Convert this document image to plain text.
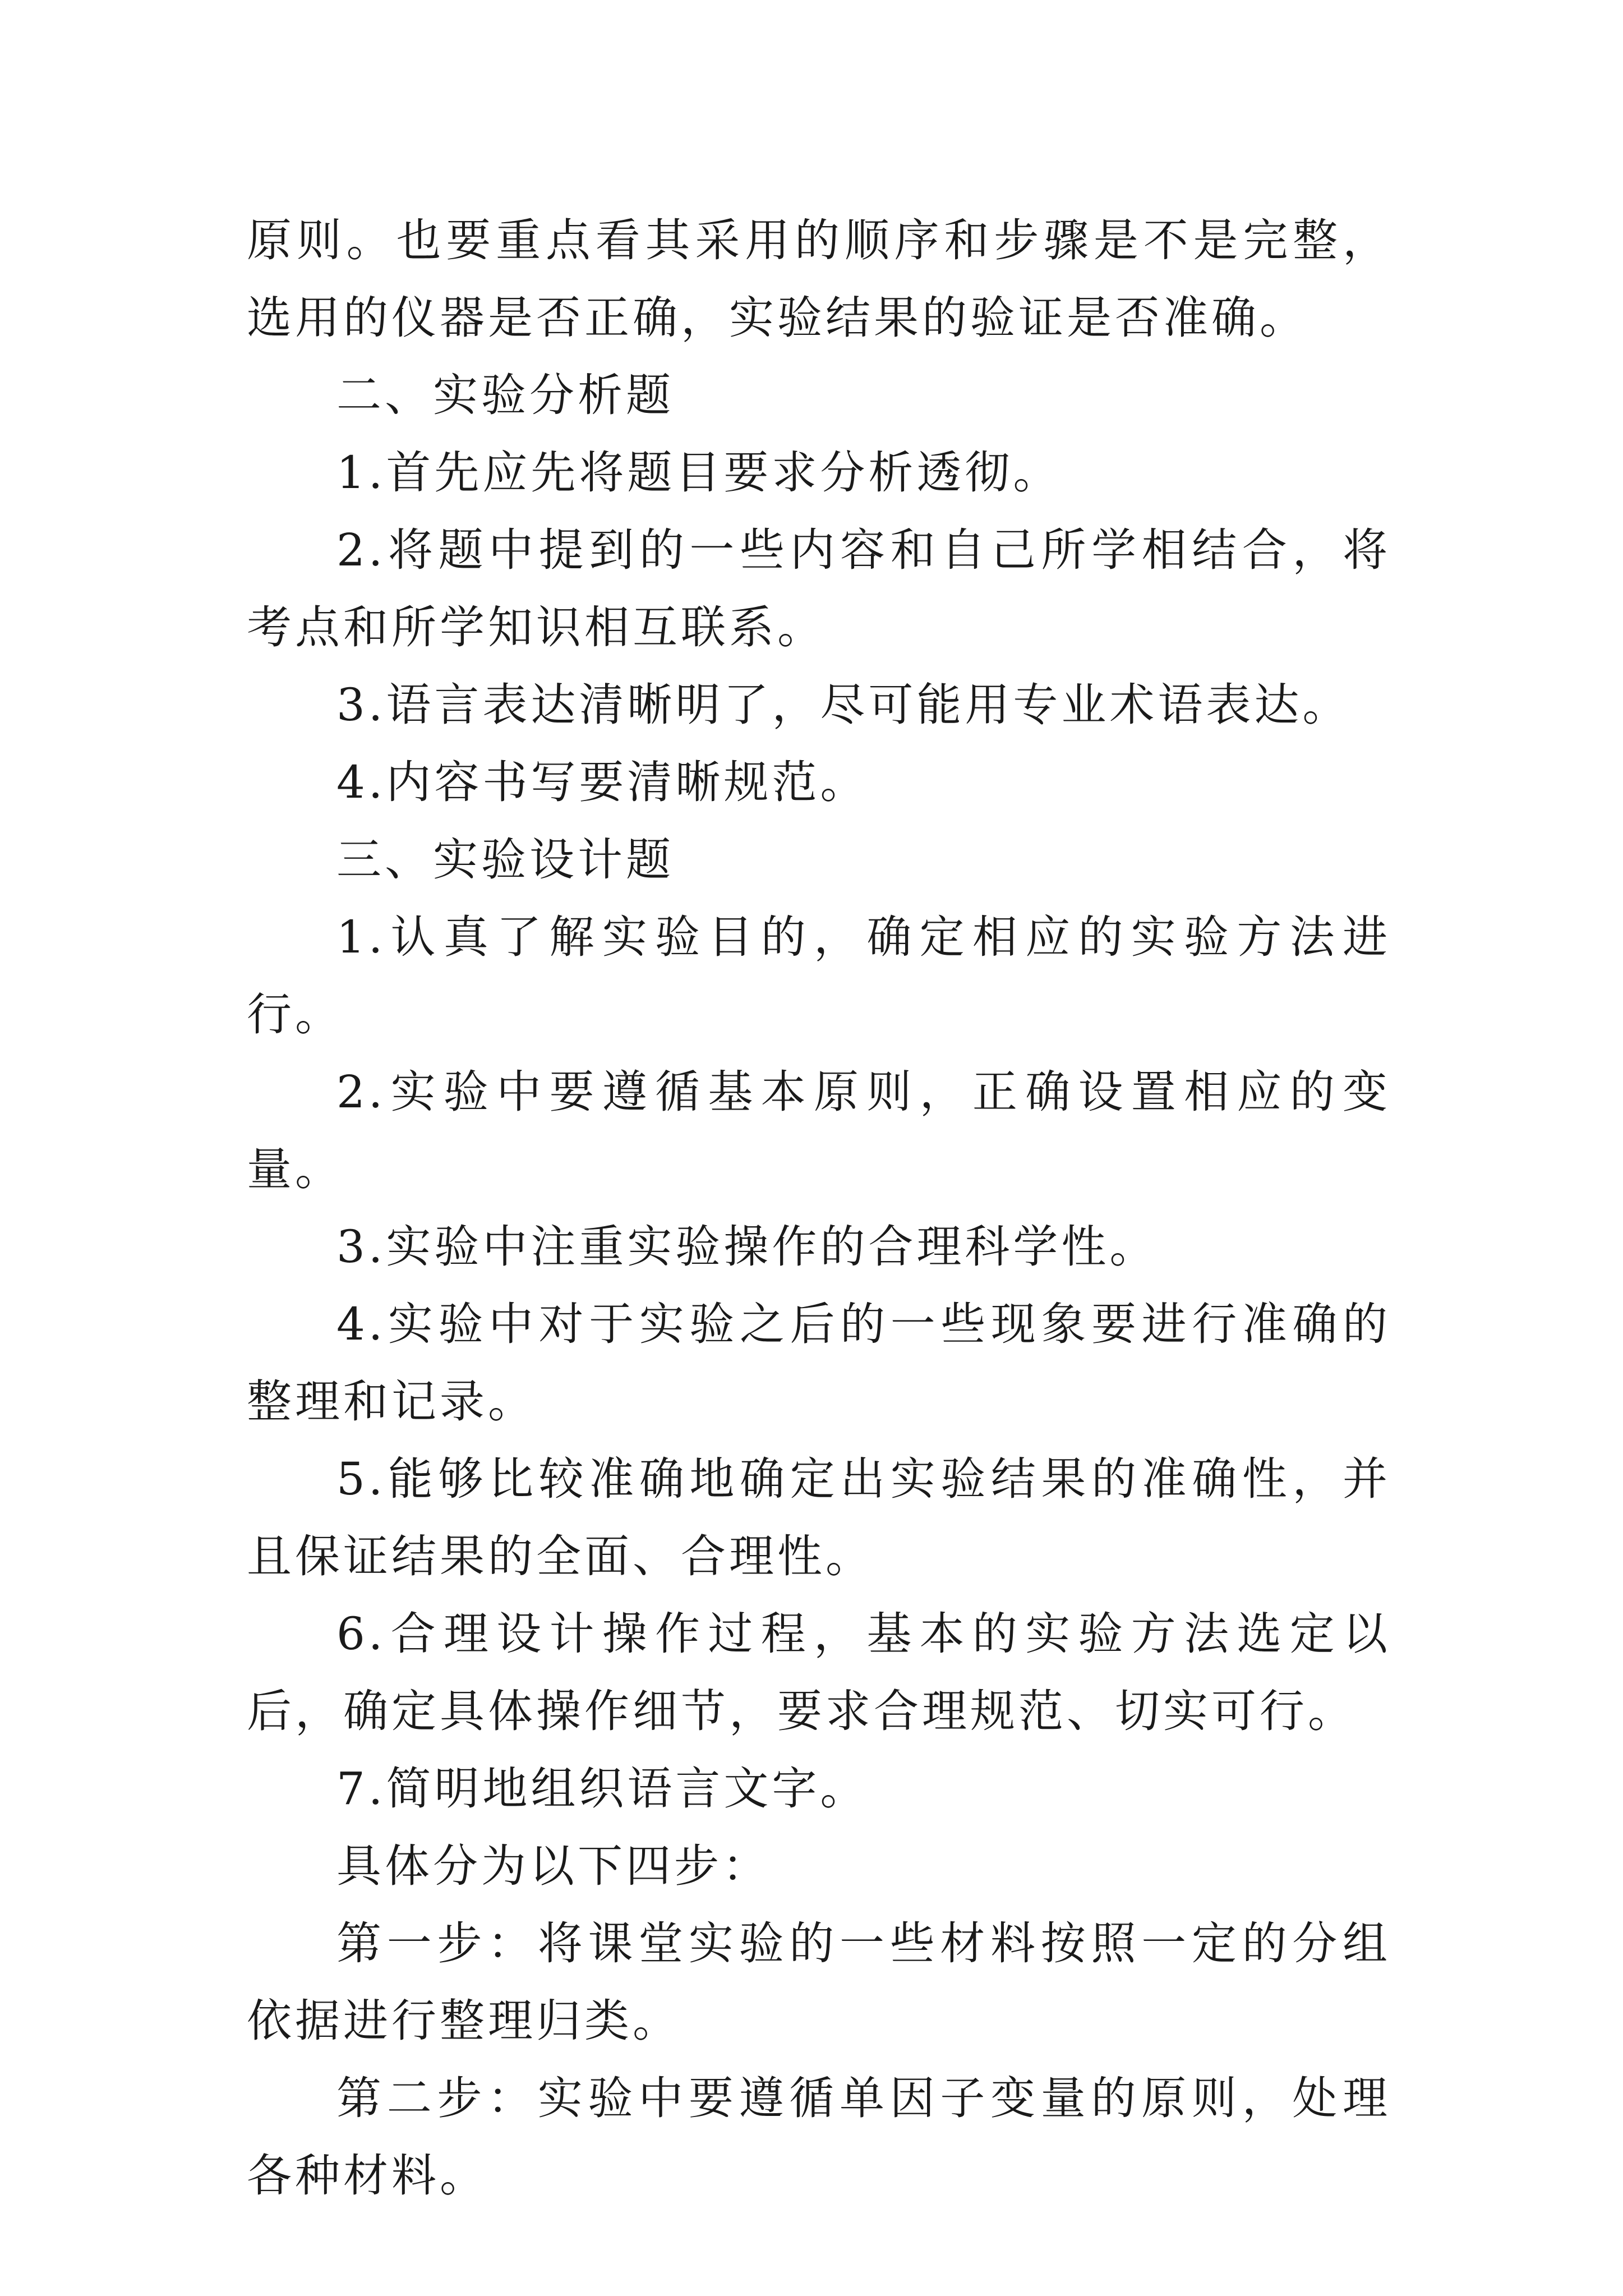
原则。也要重点看其采用的顺序和步骤是不是完整，选用的仪器是否正确，实验结果的验证是否准确。

二、实验分析题

1.首先应先将题目要求分析透彻。

2.将题中提到的一些内容和自己所学相结合，将考点和所学知识相互联系。

3.语言表达清晰明了，尽可能用专业术语表达。

4.内容书写要清晰规范。

三、实验设计题

1.认真了解实验目的，确定相应的实验方法进行。

2.实验中要遵循基本原则，正确设置相应的变量。

3.实验中注重实验操作的合理科学性。

4.实验中对于实验之后的一些现象要进行准确的整理和记录。

5.能够比较准确地确定出实验结果的准确性，并且保证结果的全面、合理性。

6.合理设计操作过程，基本的实验方法选定以后，确定具体操作细节，要求合理规范、切实可行。

7.简明地组织语言文字。

具体分为以下四步：

第一步：将课堂实验的一些材料按照一定的分组依据进行整理归类。

第二步：实验中要遵循单因子变量的原则，处理各种材料。
